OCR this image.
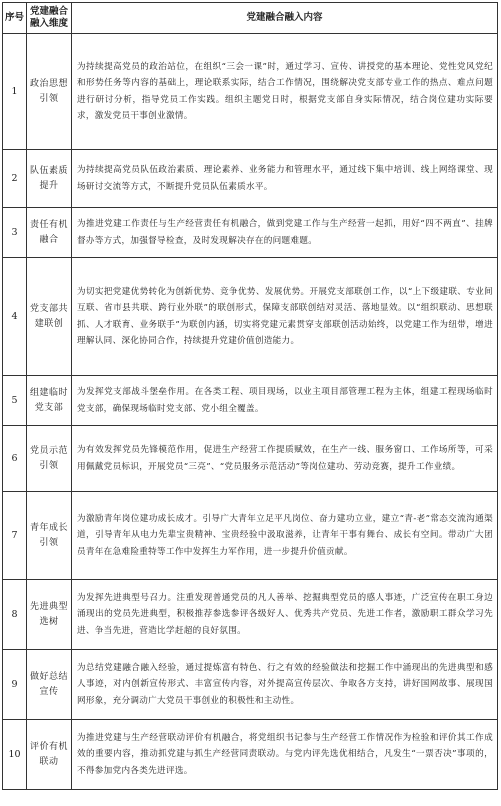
序号	党建融合融入维度	党建融合融入内容
1	政治思想引领	为持续提高党员的政治站位，在组织“三会一课”时，通过学习、宣传、讲授党的基本理论、党性党风党纪和形势任务等内容的基础上，理论联系实际，结合工作情况，围绕解决党支部专业工作的热点、难点问题进行研讨分析，指导党员工作实践。组织主题党日时，根据党支部自身实际情况，结合岗位建功实际要求，激发党员干事创业激情。
2	队伍素质提升	为持续提高党员队伍政治素质、理论素养、业务能力和管理水平，通过线下集中培训、线上网络课堂、现场研讨交流等方式，不断提升党员队伍素质水平。
3	责任有机融合	为推进党建工作责任与生产经营责任有机融合，做到党建工作与生产经营一起抓，用好“四不两直”、挂牌督办等方式，加强督导检查，及时发现解决存在的问题难题。
4	党支部共建联创	为切实把党建优势转化为创新优势、竞争优势、发展优势。开展党支部联创工作，以“上下级建联、专业间互联、省市县共联、跨行业外联”的联创形式，保障支部联创结对灵活、落地显效。以“组织联动、思想联抓、人才联育、业务联手”为联创内涵，切实将党建元素贯穿支部联创活动始终，以党建工作为纽带，增进理解认同、深化协同合作，持续提升党建价值创造能力。
5	组建临时党支部	为发挥党支部战斗堡垒作用。在各类工程、项目现场，以业主项目部管理工程为主体，组建工程现场临时党支部，确保现场临时党支部、党小组全覆盖。
6	党员示范引领	为有效发挥党员先锋模范作用，促进生产经营工作提质赋效，在生产一线、服务窗口、工作场所等，可采用佩戴党员标识，开展党员“三亮”、“党员服务示范活动”等岗位建功、劳动竞赛，提升工作业绩。
7	青年成长引领	为激励青年岗位建功成长成才。引导广大青年立足平凡岗位、奋力建功立业，建立“青-老”常态交流沟通渠道，引导青年从电力先辈宝贵精神、宝贵经验中汲取滋养，让青年干事有舞台、成长有空间。带动广大团员青年在急难险重特等工作中发挥生力军作用，进一步提升价值贡献。
8	先进典型选树	为发挥先进典型号召力。注重发现普通党员的凡人善举、挖掘典型党员的感人事迹，广泛宣传在职工身边涌现出的党员先进典型，积极推荐参选参评各级好人、优秀共产党员、先进工作者，激励职工群众学习先进、争当先进，营造比学赶超的良好氛围。
9	做好总结宣传	为总结党建融合融入经验，通过提炼富有特色、行之有效的经验做法和挖掘工作中涌现出的先进典型和感人事迹，对内创新宣传形式、丰富宣传内容，对外提高宣传层次、争取各方支持，讲好国网故事、展现国网形象，充分调动广大党员干事创业的积极性和主动性。
10	评价有机联动	为推进党建与生产经营联动评价有机融合，将党组织书记参与生产经营工作情况作为检验和评价其工作成效的重要内容，推动抓党建与抓生产经营同责联动。与党内评先选优相结合，凡发生“一票否决”事项的，不得参加党内各类先进评选。
